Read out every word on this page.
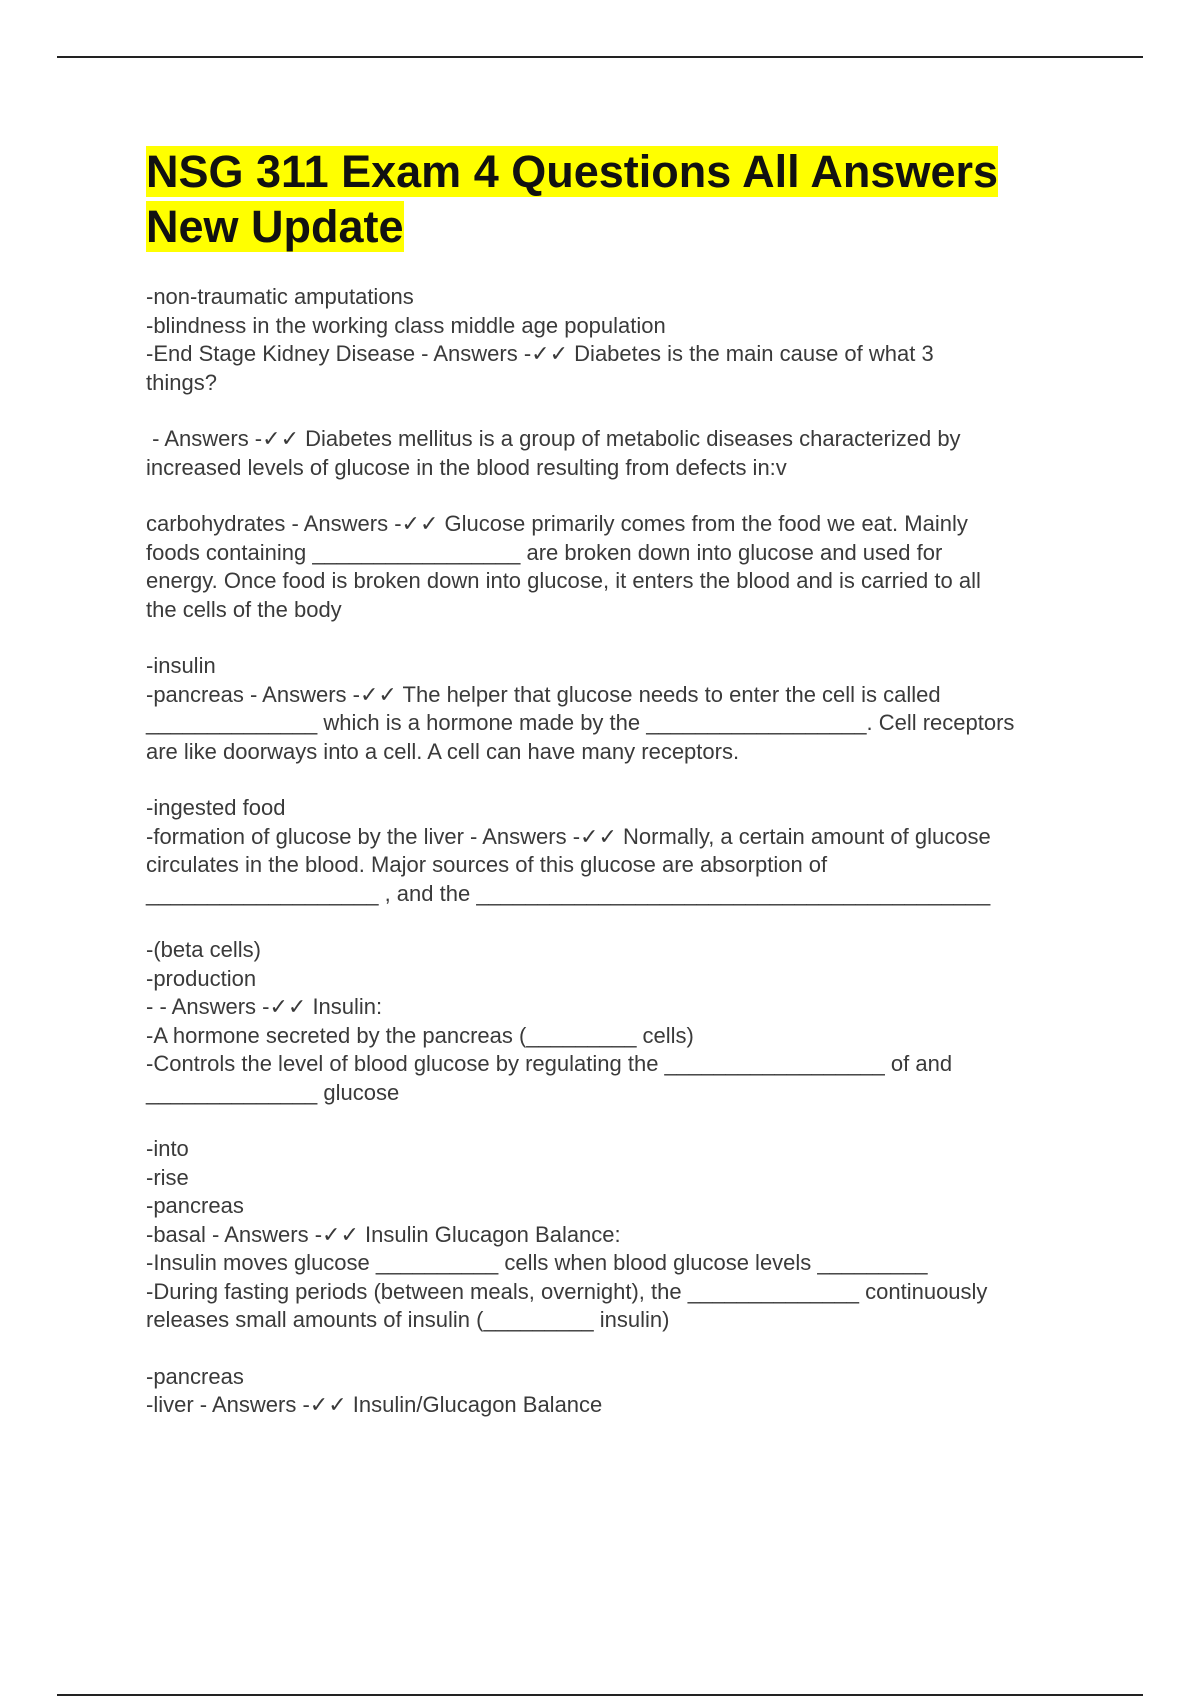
NSG 311 Exam 4 Questions All Answers
New Update
-non-traumatic amputations
-blindness in the working class middle age population
-End Stage Kidney Disease - Answers -✓✓ Diabetes is the main cause of what 3
things?
- Answers -✓✓ Diabetes mellitus is a group of metabolic diseases characterized by
increased levels of glucose in the blood resulting from defects in:v
carbohydrates - Answers -✓✓ Glucose primarily comes from the food we eat. Mainly
foods containing _________________ are broken down into glucose and used for
energy. Once food is broken down into glucose, it enters the blood and is carried to all
the cells of the body
-insulin
-pancreas - Answers -✓✓ The helper that glucose needs to enter the cell is called
______________ which is a hormone made by the __________________. Cell receptors
are like doorways into a cell. A cell can have many receptors.
-ingested food
-formation of glucose by the liver - Answers -✓✓ Normally, a certain amount of glucose
circulates in the blood. Major sources of this glucose are absorption of
___________________ , and the __________________________________________
-(beta cells)
-production
- - Answers -✓✓ Insulin:
-A hormone secreted by the pancreas (_________ cells)
-Controls the level of blood glucose by regulating the __________________ of and
______________ glucose
-into
-rise
-pancreas
-basal - Answers -✓✓ Insulin Glucagon Balance:
-Insulin moves glucose __________ cells when blood glucose levels _________
-During fasting periods (between meals, overnight), the ______________ continuously
releases small amounts of insulin (_________ insulin)
-pancreas
-liver - Answers -✓✓ Insulin/Glucagon Balance
